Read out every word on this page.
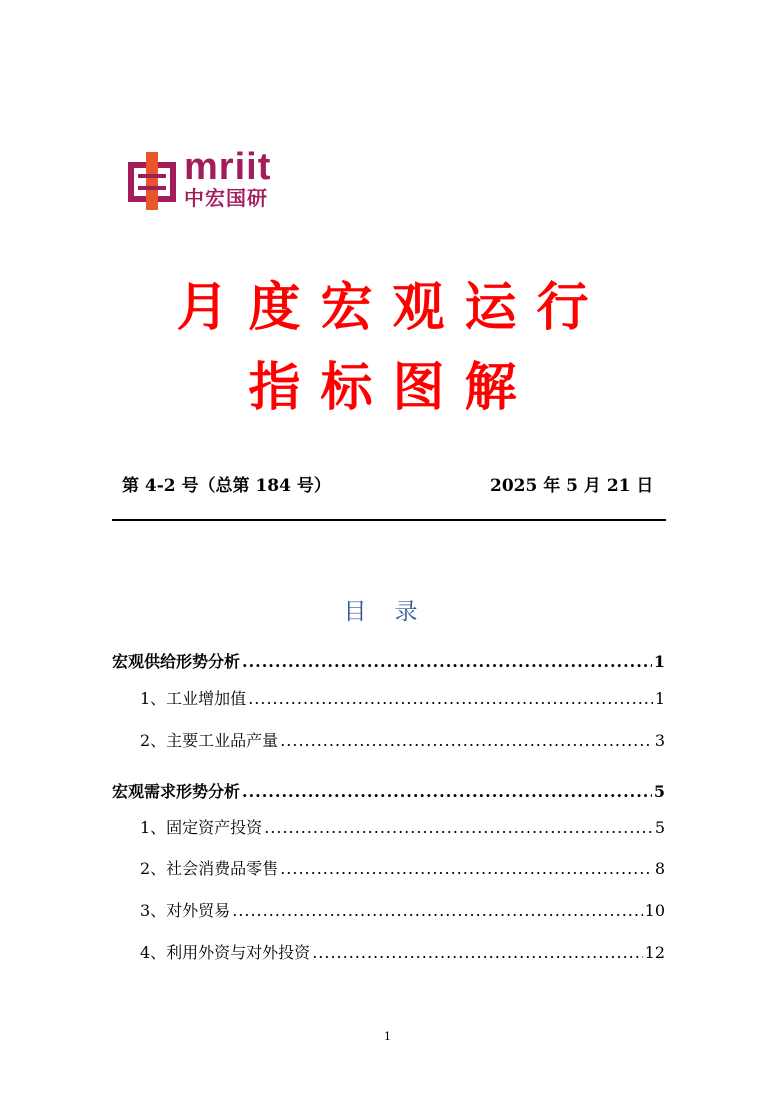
mriit
中宏国研
月度宏观运行
指标图解
第 4-2 号（总第 184 号）	2025 年 5 月 21 日
目录
宏观供给形势分析 .....	1
1、工业增加值 .....	1
2、主要工业品产量 .....	3
宏观需求形势分析 .....	5
1、固定资产投资 .....	5
2、社会消费品零售 .....	8
3、对外贸易 .....	10
4、利用外资与对外投资 .....	12
1
